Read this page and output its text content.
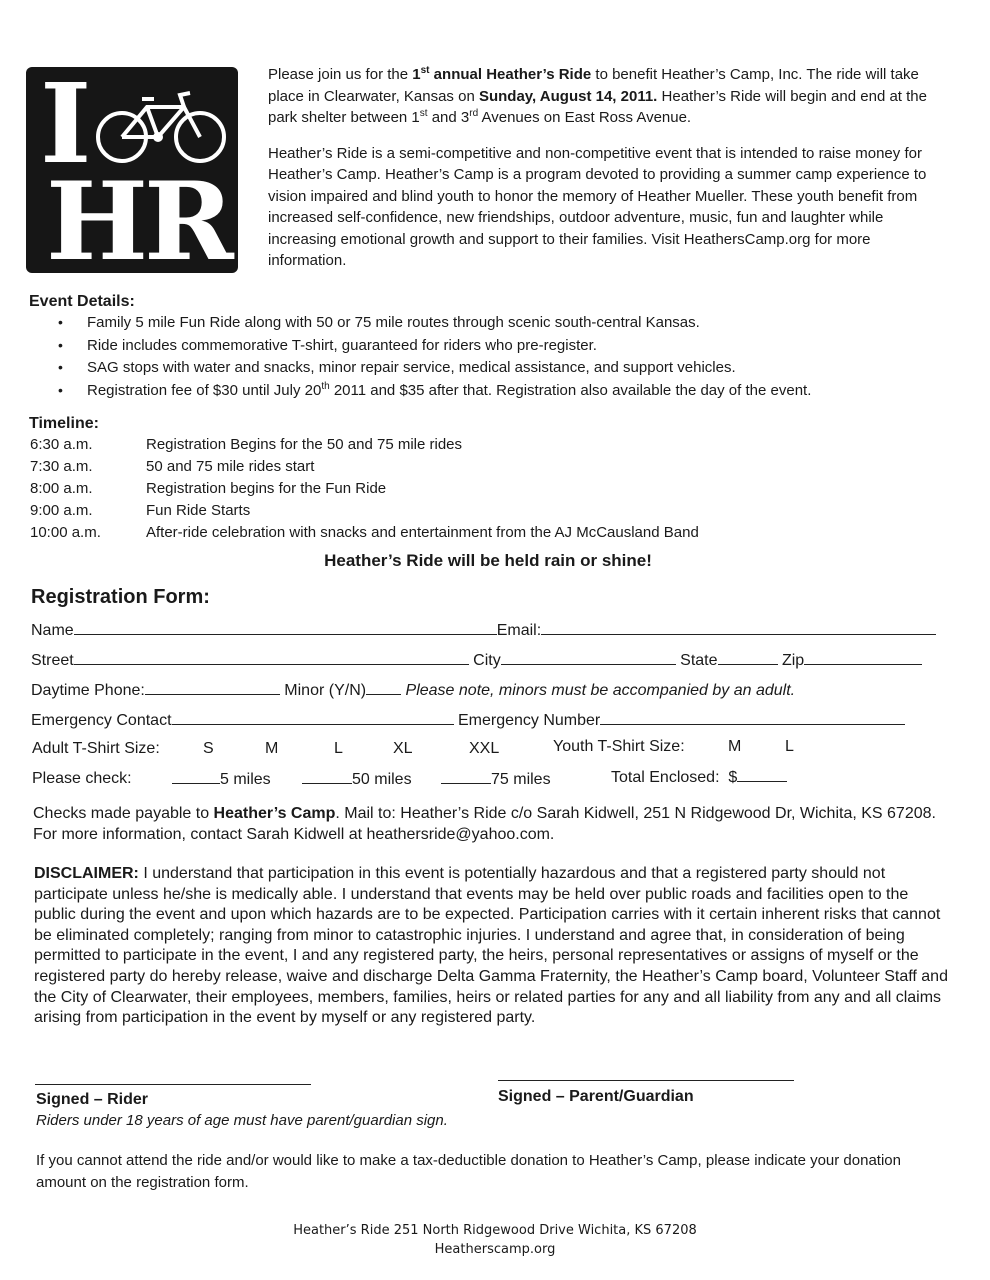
I
HR

Please join us for the 1st annual Heather’s Ride to benefit Heather’s Camp, Inc. The ride will take place in Clearwater, Kansas on Sunday, August 14, 2011. Heather’s Ride will begin and end at the park shelter between 1st and 3rd Avenues on East Ross Avenue.

Heather’s Ride is a semi-competitive and non-competitive event that is intended to raise money for Heather’s Camp. Heather’s Camp is a program devoted to providing a summer camp experience to vision impaired and blind youth to honor the memory of Heather Mueller. These youth benefit from increased self-confidence, new friendships, outdoor adventure, music, fun and laughter while increasing emotional growth and support to their families. Visit HeathersCamp.org for more information.

Event Details:
• Family 5 mile Fun Ride along with 50 or 75 mile routes through scenic south-central Kansas.
• Ride includes commemorative T-shirt, guaranteed for riders who pre-register.
• SAG stops with water and snacks, minor repair service, medical assistance, and support vehicles.
• Registration fee of $30 until July 20th 2011 and $35 after that. Registration also available the day of the event.
Timeline:
6:30 a.m.	Registration Begins for the 50 and 75 mile rides
7:30 a.m.	50 and 75 mile rides start
8:00 a.m.	Registration begins for the Fun Ride
9:00 a.m.	Fun Ride Starts
10:00 a.m.	After-ride celebration with snacks and entertainment from the AJ McCausland Band
Heather’s Ride will be held rain or shine!
Registration Form:
Name	Email:
Street	City	State	Zip
Daytime Phone:	Minor (Y/N) Please note, minors must be accompanied by an adult.
Emergency Contact	Emergency Number
Adult T-Shirt Size:	S	M	L	XL	XXL	Youth T-Shirt Size:	M	L
Please check:	5 miles	50 miles	75 miles	Total Enclosed: $
Checks made payable to Heather’s Camp. Mail to: Heather’s Ride c/o Sarah Kidwell, 251 N Ridgewood Dr, Wichita, KS 67208. For more information, contact Sarah Kidwell at heathersride@yahoo.com.
DISCLAIMER: I understand that participation in this event is potentially hazardous and that a registered party should not participate unless he/she is medically able. I understand that events may be held over public roads and facilities open to the public during the event and upon which hazards are to be expected. Participation carries with it certain inherent risks that cannot be eliminated completely; ranging from minor to catastrophic injuries. I understand and agree that, in consideration of being permitted to participate in the event, I and any registered party, the heirs, personal representatives or assigns of myself or the registered party do hereby release, waive and discharge Delta Gamma Fraternity, the Heather’s Camp board, Volunteer Staff and the City of Clearwater, their employees, members, families, heirs or related parties for any and all liability from any and all claims arising from participation in the event by myself or any registered party.
Signed – Rider	Signed – Parent/Guardian
Riders under 18 years of age must have parent/guardian sign.
If you cannot attend the ride and/or would like to make a tax-deductible donation to Heather’s Camp, please indicate your donation amount on the registration form.
Heather’s Ride 251 North Ridgewood Drive Wichita, KS 67208
Heatherscamp.org
